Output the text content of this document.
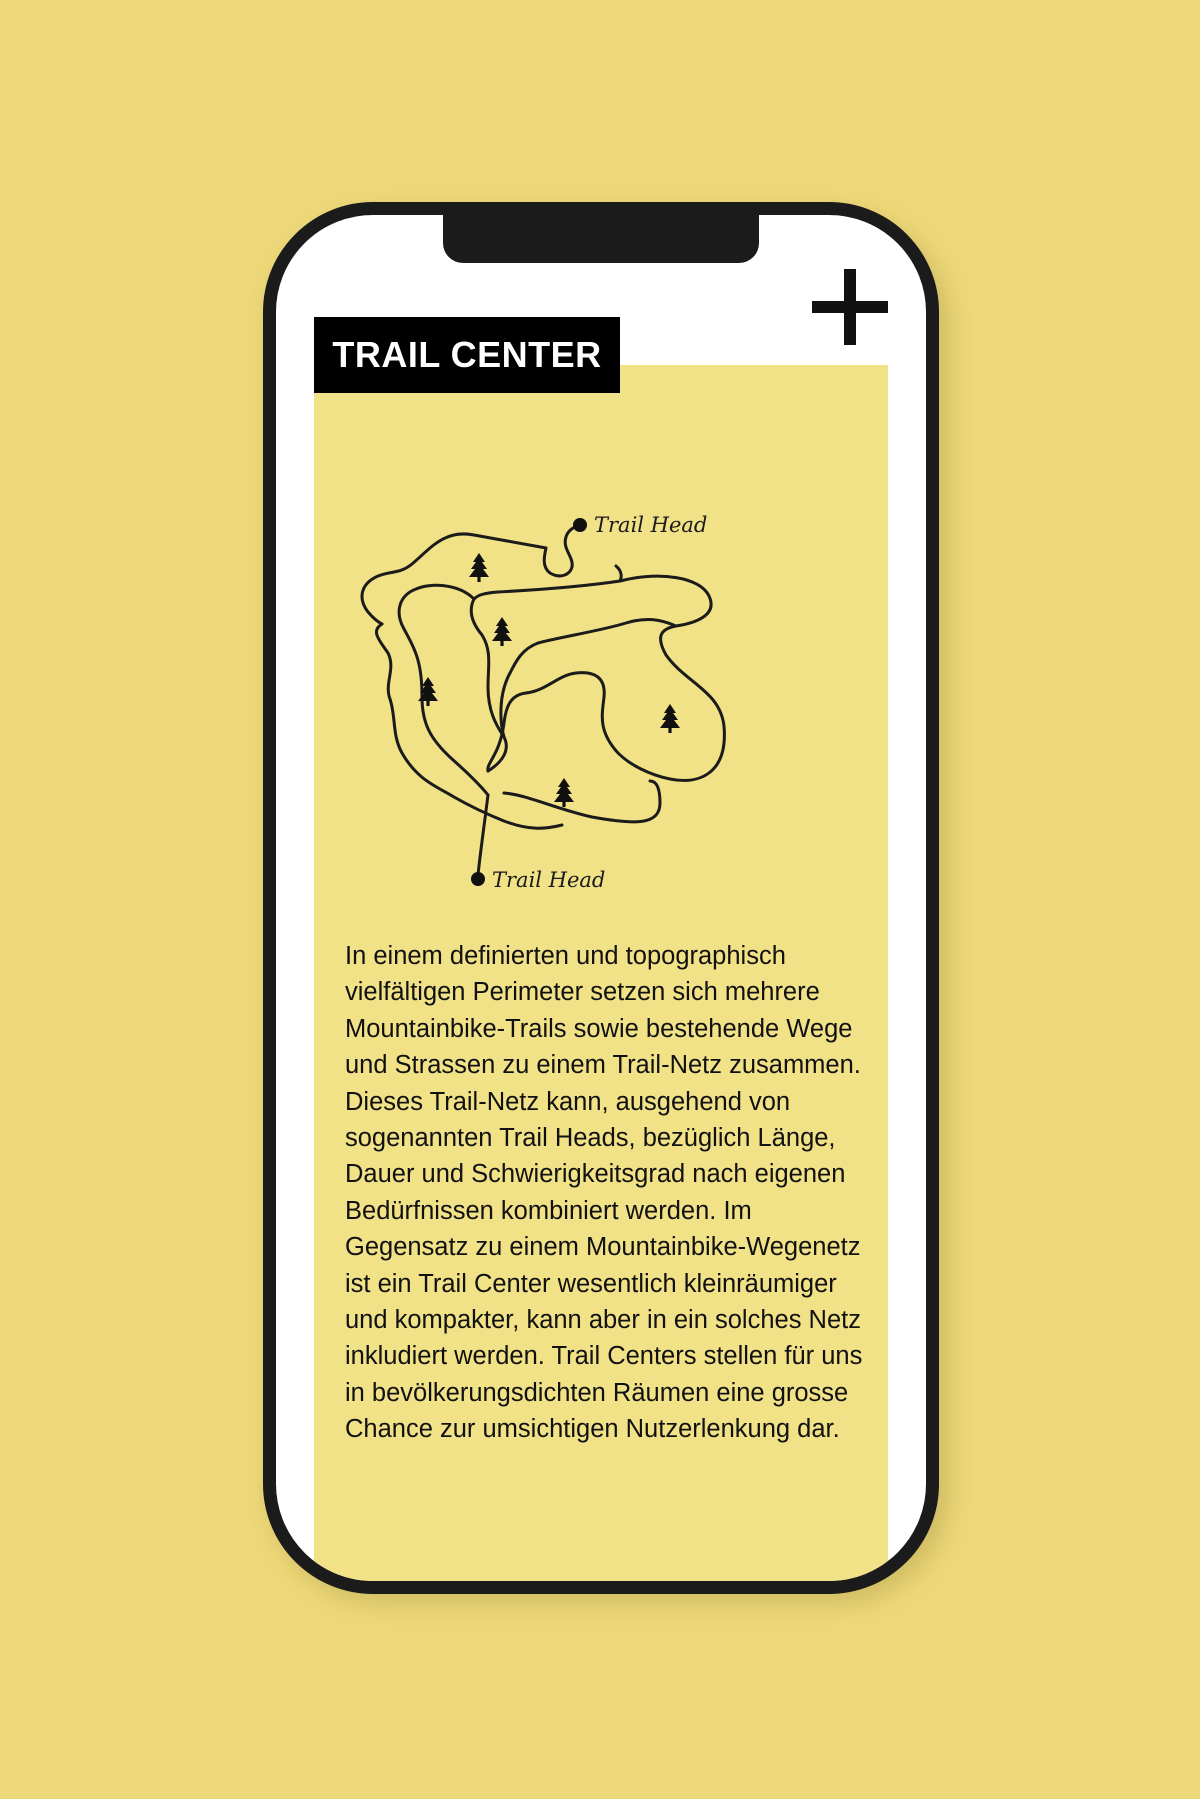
TRAIL CENTER
Trail Head
Trail Head

In einem definierten und topographisch vielfältigen Perimeter setzen sich mehrere Mountainbike-Trails sowie bestehende Wege und Strassen zu einem Trail-Netz zusammen. Dieses Trail-Netz kann, ausgehend von sogenannten Trail Heads, bezüglich Länge, Dauer und Schwierigkeitsgrad nach eigenen Bedürfnissen kombiniert werden. Im Gegensatz zu einem Mountainbike-Wegenetz ist ein Trail Center wesentlich kleinräumiger und kompakter, kann aber in ein solches Netz inkludiert werden. Trail Centers stellen für uns in bevölkerungsdichten Räumen eine grosse Chance zur umsichtigen Nutzerlenkung dar.
